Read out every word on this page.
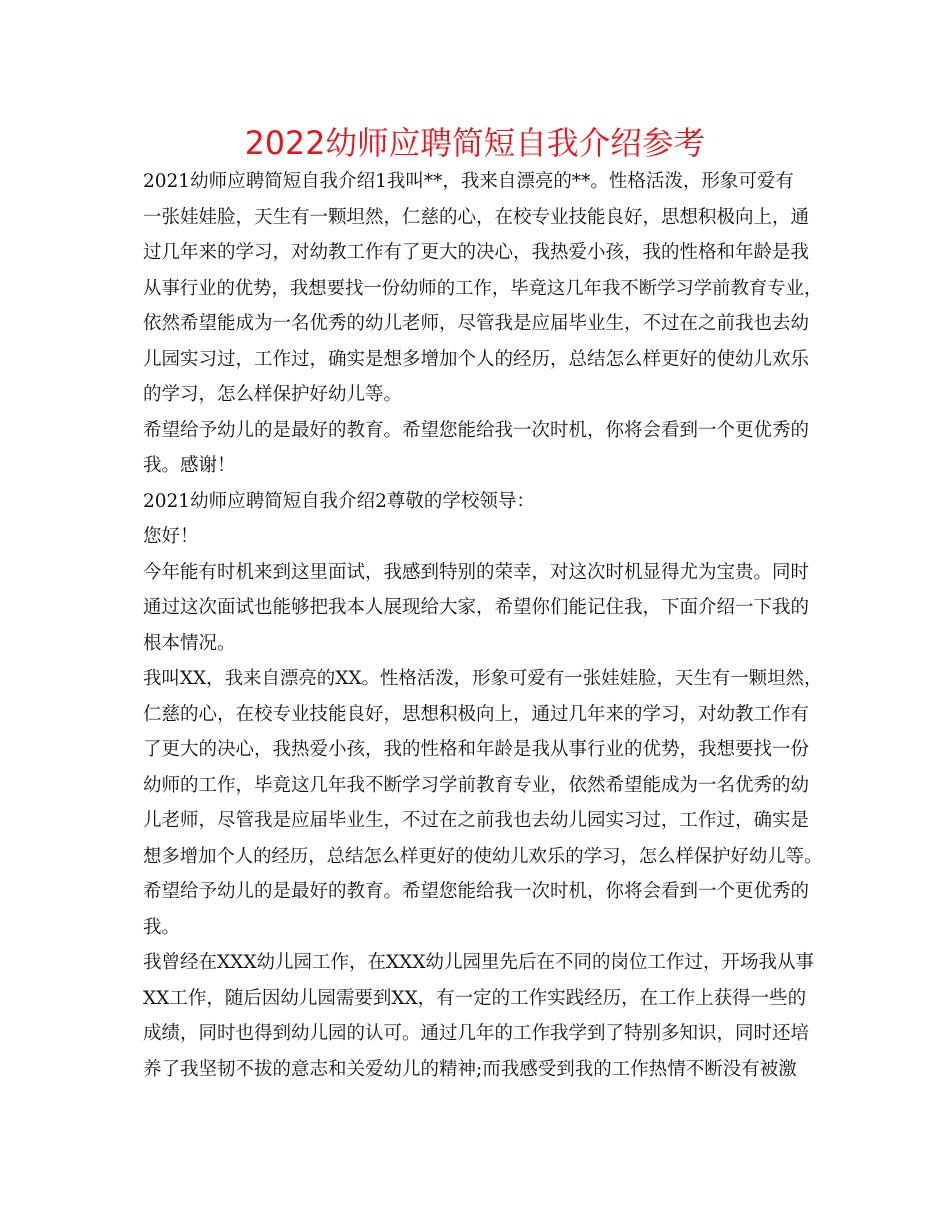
2022幼师应聘简短自我介绍参考
2021幼师应聘简短自我介绍1我叫**，我来自漂亮的**。性格活泼，形象可爱有
一张娃娃脸，天生有一颗坦然，仁慈的心，在校专业技能良好，思想积极向上，通
过几年来的学习，对幼教工作有了更大的决心，我热爱小孩，我的性格和年龄是我
从事行业的优势，我想要找一份幼师的工作，毕竟这几年我不断学习学前教育专业，
依然希望能成为一名优秀的幼儿老师，尽管我是应届毕业生，不过在之前我也去幼
儿园实习过，工作过，确实是想多增加个人的经历，总结怎么样更好的使幼儿欢乐
的学习，怎么样保护好幼儿等。
希望给予幼儿的是最好的教育。希望您能给我一次时机，你将会看到一个更优秀的
我。感谢！
2021幼师应聘简短自我介绍2尊敬的学校领导：
您好！
今年能有时机来到这里面试，我感到特别的荣幸，对这次时机显得尤为宝贵。同时
通过这次面试也能够把我本人展现给大家，希望你们能记住我，下面介绍一下我的
根本情况。
我叫XX，我来自漂亮的XX。性格活泼，形象可爱有一张娃娃脸，天生有一颗坦然，
仁慈的心，在校专业技能良好，思想积极向上，通过几年来的学习，对幼教工作有
了更大的决心，我热爱小孩，我的性格和年龄是我从事行业的优势，我想要找一份
幼师的工作，毕竟这几年我不断学习学前教育专业，依然希望能成为一名优秀的幼
儿老师，尽管我是应届毕业生，不过在之前我也去幼儿园实习过，工作过，确实是
想多增加个人的经历，总结怎么样更好的使幼儿欢乐的学习，怎么样保护好幼儿等。
希望给予幼儿的是最好的教育。希望您能给我一次时机，你将会看到一个更优秀的
我。
我曾经在XXX幼儿园工作，在XXX幼儿园里先后在不同的岗位工作过，开场我从事
XX工作，随后因幼儿园需要到XX，有一定的工作实践经历，在工作上获得一些的
成绩，同时也得到幼儿园的认可。通过几年的工作我学到了特别多知识，同时还培
养了我坚韧不拔的意志和关爱幼儿的精神;而我感受到我的工作热情不断没有被激
